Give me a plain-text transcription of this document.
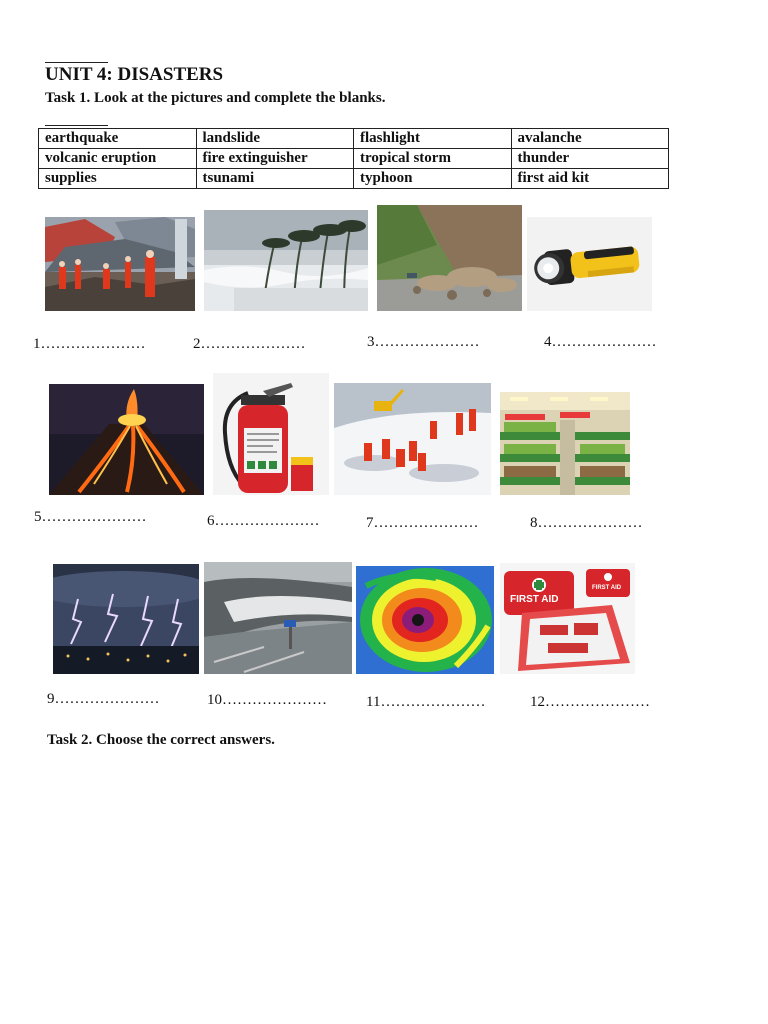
UNIT 4: DISASTERS
Task 1. Look at the pictures and complete the blanks.
earthquake	landslide	flashlight	avalanche
volcanic eruption	fire extinguisher	tropical storm	thunder
supplies	tsunami	typhoon	first aid kit
1…………………	2…………………	3…………………	4…………………
5…………………	6…………………	7…………………	8…………………
FIRST AID
FIRST AID
9…………………	10…………………	11…………………	12…………………
Task 2. Choose the correct answers.
